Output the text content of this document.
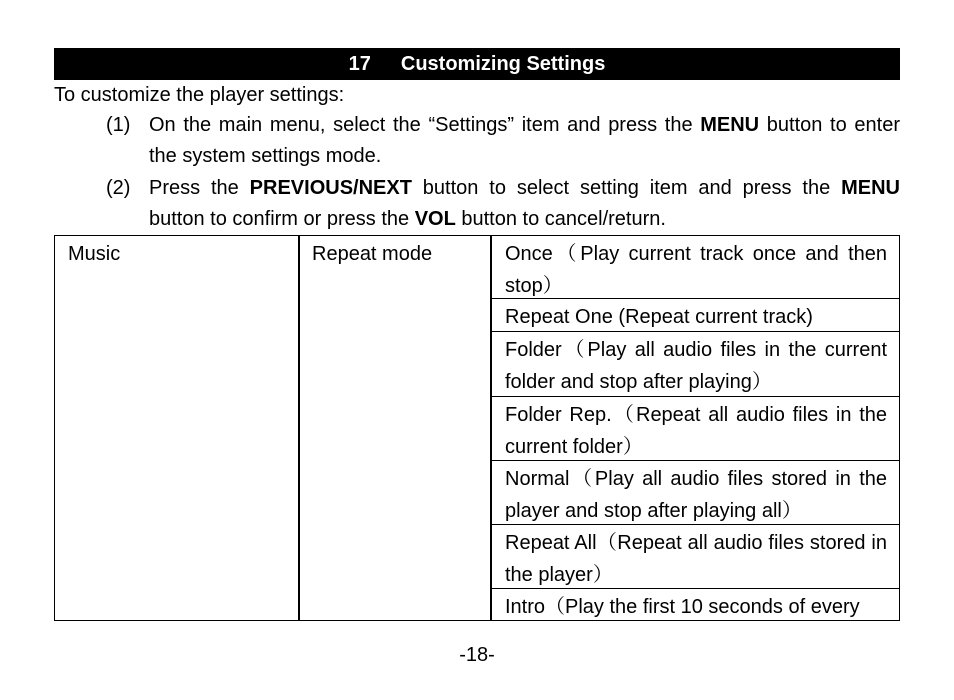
17 Customizing Settings
To customize the player settings:
(1) On the main menu, select the “Settings” item and press the MENU button to enter the system settings mode.
(2) Press the PREVIOUS/NEXT button to select setting item and press the MENU button to confirm or press the VOL button to cancel/return.
Music	Repeat mode	Once（Play current track once and then stop）
Repeat One (Repeat current track)
Folder（Play all audio files in the current folder and stop after playing）
Folder Rep.（Repeat all audio files in the current folder）
Normal（Play all audio files stored in the player and stop after playing all）
Repeat All（Repeat all audio files stored in the player）
Intro（Play the first 10 seconds of every
-18-
